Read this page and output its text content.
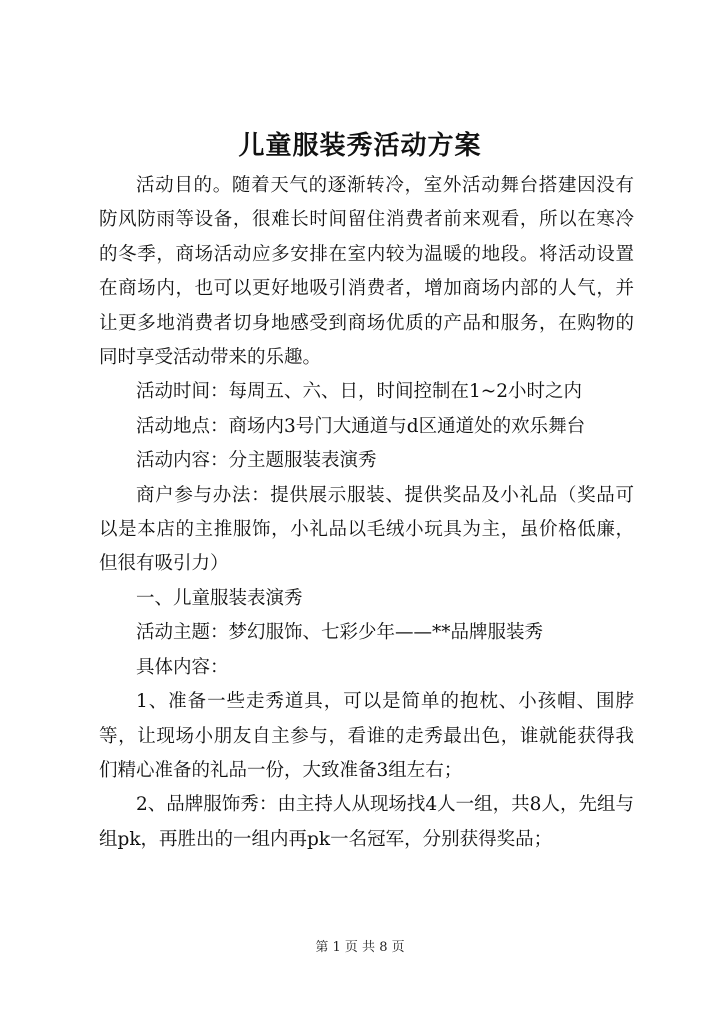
儿童服装秀活动方案

活动目的。随着天气的逐渐转冷，室外活动舞台搭建因没有防风防雨等设备，很难长时间留住消费者前来观看，所以在寒冷的冬季，商场活动应多安排在室内较为温暖的地段。将活动设置在商场内，也可以更好地吸引消费者，增加商场内部的人气，并让更多地消费者切身地感受到商场优质的产品和服务，在购物的同时享受活动带来的乐趣。

活动时间：每周五、六、日，时间控制在1~2小时之内

活动地点：商场内3号门大通道与d区通道处的欢乐舞台

活动内容：分主题服装表演秀

商户参与办法：提供展示服装、提供奖品及小礼品（奖品可以是本店的主推服饰，小礼品以毛绒小玩具为主，虽价格低廉，但很有吸引力）

一、儿童服装表演秀

活动主题：梦幻服饰、七彩少年——**品牌服装秀

具体内容：

1、准备一些走秀道具，可以是简单的抱枕、小孩帽、围脖等，让现场小朋友自主参与，看谁的走秀最出色，谁就能获得我们精心准备的礼品一份，大致准备3组左右；

2、品牌服饰秀：由主持人从现场找4人一组，共8人，先组与组pk，再胜出的一组内再pk一名冠军，分别获得奖品；

第 1 页 共 8 页
